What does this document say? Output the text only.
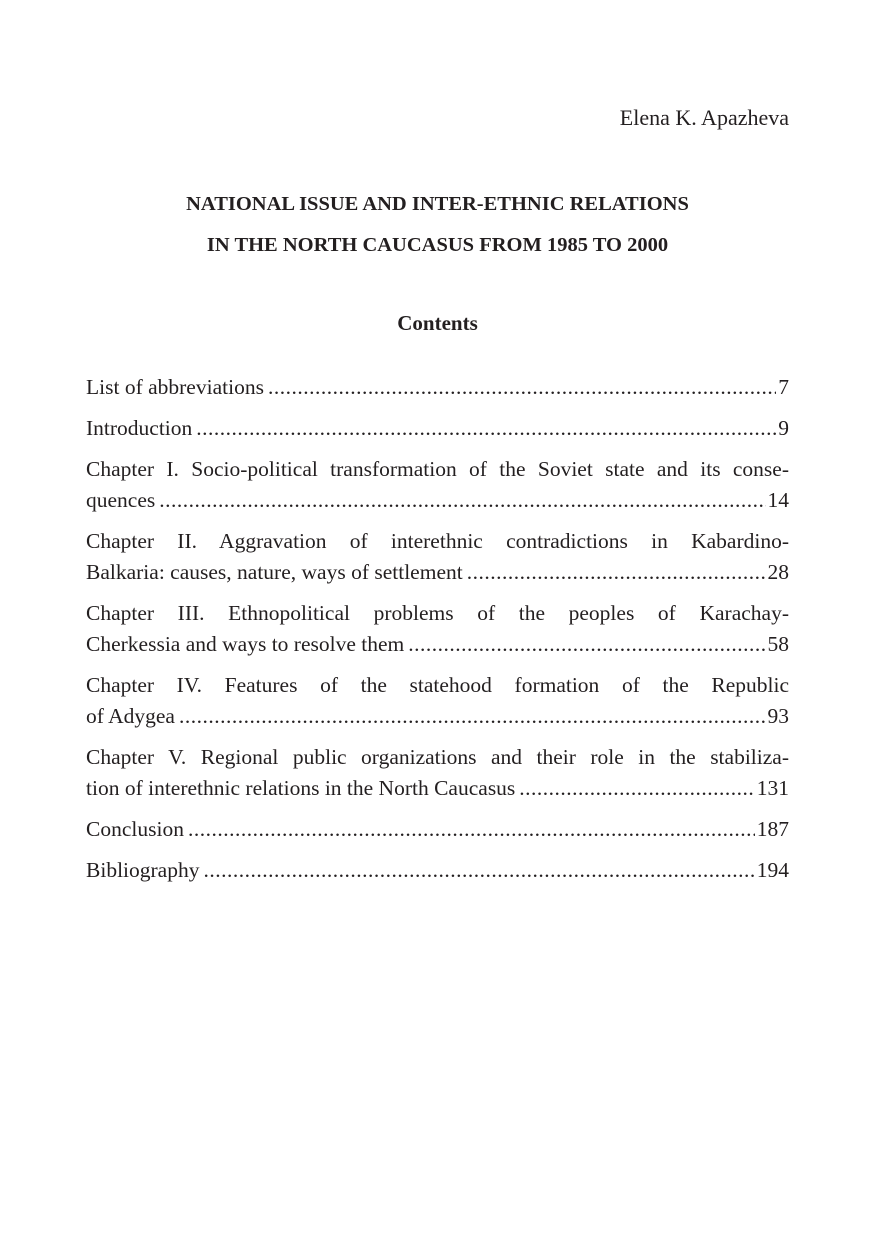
Elena K. Apazheva
NATIONAL ISSUE AND INTER-ETHNIC RELATIONS
IN THE NORTH CAUCASUS FROM 1985 TO 2000
Contents
List of abbreviations .....	7
Introduction .....	9
Chapter I. Socio-political transformation of the Soviet state and its conse-
quences .....	14
Chapter II. Aggravation of interethnic contradictions in Kabardino-
Balkaria: causes, nature, ways of settlement .....	28
Chapter III. Ethnopolitical problems of the peoples of Karachay-
Cherkessia and ways to resolve them .....	58
Chapter IV. Features of the statehood formation of the Republic
of Adygea .....	93
Chapter V. Regional public organizations and their role in the stabiliza-
tion of interethnic relations in the North Caucasus .....	131
Conclusion .....	187
Bibliography .....	194
